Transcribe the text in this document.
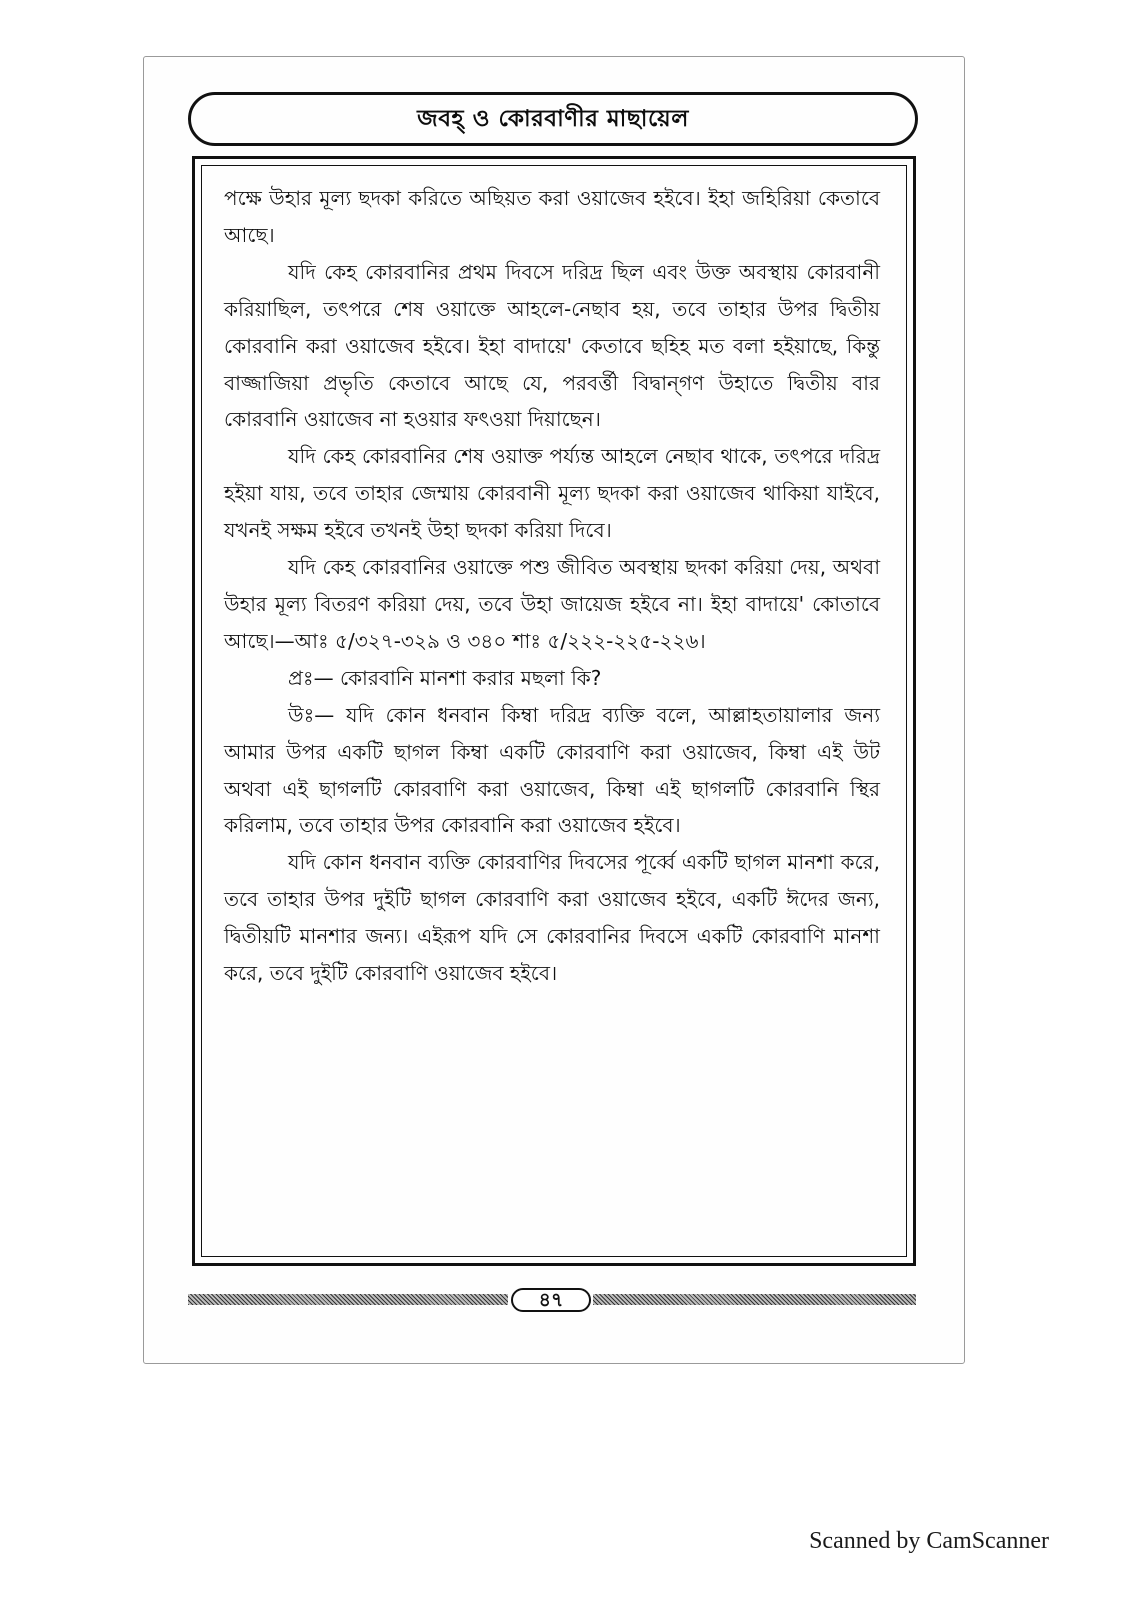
জবহ্ ও কোরবাণীর মাছায়েল
৪৭

পক্ষে উহার মূল্য ছদকা করিতে অছিয়ত করা ওয়াজেব হইবে। ইহা জহিরিয়া কেতাবে আছে।

যদি কেহ কোরবানির প্রথম দিবসে দরিদ্র ছিল এবং উক্ত অবস্থায় কোরবানী করিয়াছিল, তৎপরে শেষ ওয়াক্তে আহলে-নেছাব হয়, তবে তাহার উপর দ্বিতীয় কোরবানি করা ওয়াজেব হইবে। ইহা বাদায়ে' কেতাবে ছহিহ মত বলা হইয়াছে, কিন্তু বাজ্জাজিয়া প্রভৃতি কেতাবে আছে যে, পরবর্ত্তী বিদ্বান্‌গণ উহাতে দ্বিতীয় বার কোরবানি ওয়াজেব না হওয়ার ফৎওয়া দিয়াছেন।

যদি কেহ কোরবানির শেষ ওয়াক্ত পর্য্যন্ত আহলে নেছাব থাকে, তৎপরে দরিদ্র হইয়া যায়, তবে তাহার জেম্মায় কোরবানী মূল্য ছদকা করা ওয়াজেব থাকিয়া যাইবে, যখনই সক্ষম হইবে তখনই উহা ছদকা করিয়া দিবে।

যদি কেহ কোরবানির ওয়াক্তে পশু জীবিত অবস্থায় ছদকা করিয়া দেয়, অথবা উহার মূল্য বিতরণ করিয়া দেয়, তবে উহা জায়েজ হইবে না। ইহা বাদায়ে' কোতাবে আছে।—আঃ ৫/৩২৭-৩২৯ ও ৩৪০ শাঃ ৫/২২২-২২৫-২২৬।

প্রঃ— কোরবানি মানশা করার মছলা কি?

উঃ— যদি কোন ধনবান কিম্বা দরিদ্র ব্যক্তি বলে, আল্লাহতায়ালার জন্য আমার উপর একটি ছাগল কিম্বা একটি কোরবাণি করা ওয়াজেব, কিম্বা এই উট অথবা এই ছাগলটি কোরবাণি করা ওয়াজেব, কিম্বা এই ছাগলটি কোরবানি স্থির করিলাম, তবে তাহার উপর কোরবানি করা ওয়াজেব হইবে।

যদি কোন ধনবান ব্যক্তি কোরবাণির দিবসের পূর্ব্বে একটি ছাগল মানশা করে, তবে তাহার উপর দুইটি ছাগল কোরবাণি করা ওয়াজেব হইবে, একটি ঈদের জন্য, দ্বিতীয়টি মানশার জন্য। এইরূপ যদি সে কোরবানির দিবসে একটি কোরবাণি মানশা করে, তবে দুইটি কোরবাণি ওয়াজেব হইবে।

Scanned by CamScanner
